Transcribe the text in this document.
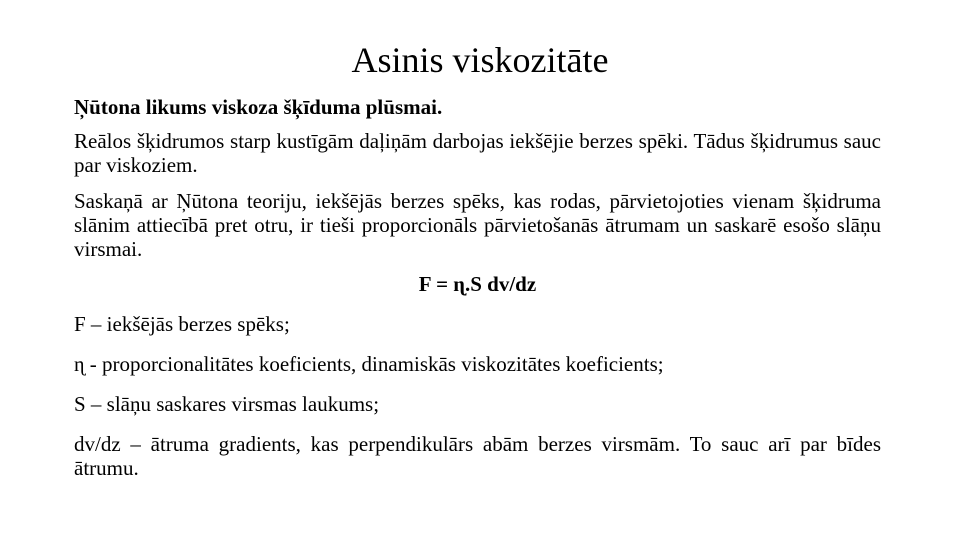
Asinis viskozitāte

Ņūtona likums viskoza šķīduma plūsmai.

Reālos šķidrumos starp kustīgām daļiņām darbojas iekšējie berzes spēki. Tādus šķidrumus sauc par viskoziem.

Saskaņā ar Ņūtona teoriju, iekšējās berzes spēks, kas rodas, pārvietojoties vienam šķidruma slānim attiecībā pret otru, ir tieši proporcionāls pārvietošanās ātrumam un saskarē esošo slāņu virsmai.

F = ɳ.S dv/dz

F – iekšējās berzes spēks;

ɳ - proporcionalitātes koeficients, dinamiskās viskozitātes koeficients;

S – slāņu saskares virsmas laukums;

dv/dz – ātruma gradients, kas perpendikulārs abām berzes virsmām. To sauc arī par bīdes ātrumu.
